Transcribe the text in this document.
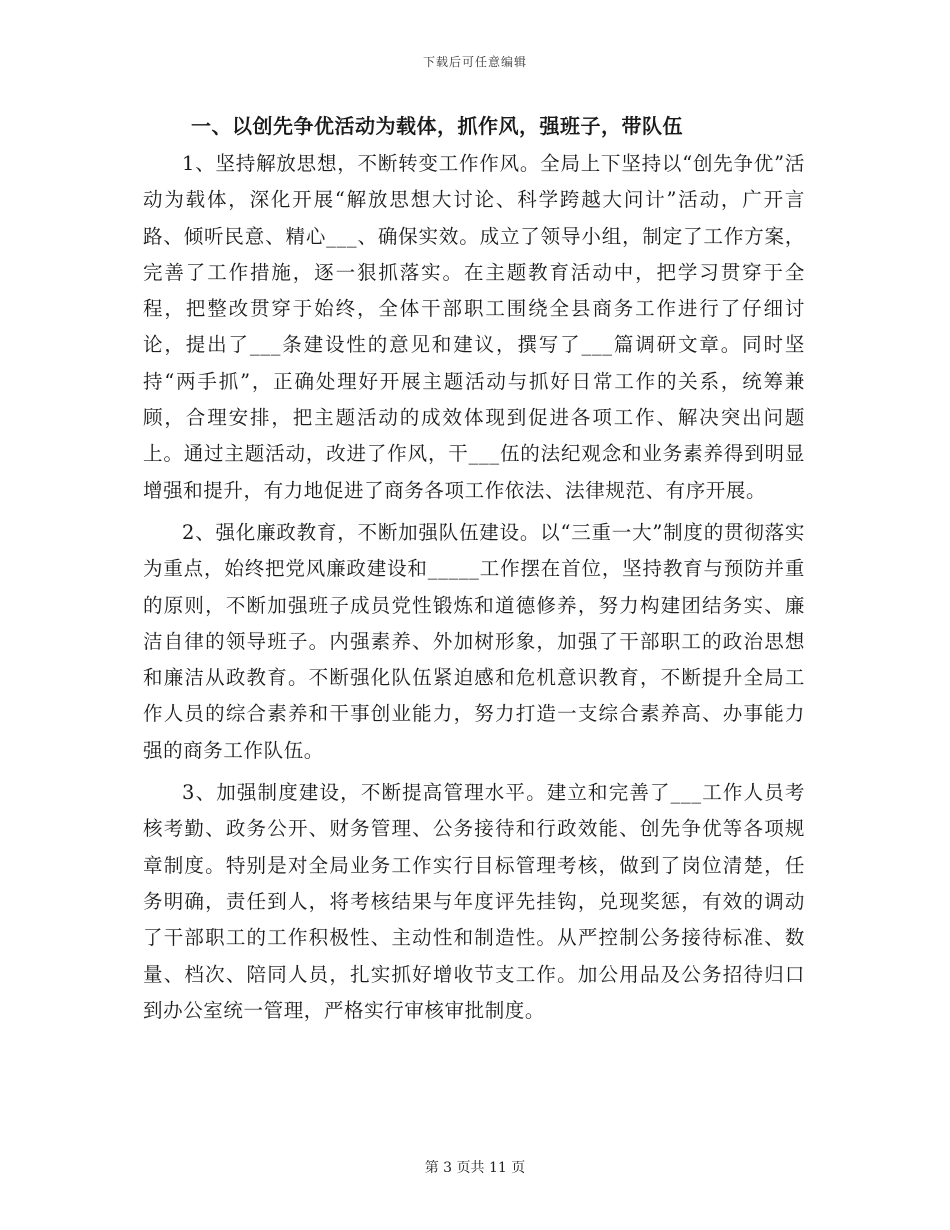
下载后可任意编辑
一、以创先争优活动为载体，抓作风，强班子，带队伍

1、坚持解放思想，不断转变工作作风。全局上下坚持以“创先争优”活动为载体，深化开展“解放思想大讨论、科学跨越大问计”活动，广开言路、倾听民意、精心___、确保实效。成立了领导小组，制定了工作方案，完善了工作措施，逐一狠抓落实。在主题教育活动中，把学习贯穿于全程，把整改贯穿于始终，全体干部职工围绕全县商务工作进行了仔细讨论，提出了___条建设性的意见和建议，撰写了___篇调研文章。同时坚持“两手抓”，正确处理好开展主题活动与抓好日常工作的关系，统筹兼顾，合理安排，把主题活动的成效体现到促进各项工作、解决突出问题上。通过主题活动，改进了作风，干___伍的法纪观念和业务素养得到明显增强和提升，有力地促进了商务各项工作依法、法律规范、有序开展。

2、强化廉政教育，不断加强队伍建设。以“三重一大”制度的贯彻落实为重点，始终把党风廉政建设和_____工作摆在首位，坚持教育与预防并重的原则，不断加强班子成员党性锻炼和道德修养，努力构建团结务实、廉洁自律的领导班子。内强素养、外加树形象，加强了干部职工的政治思想和廉洁从政教育。不断强化队伍紧迫感和危机意识教育，不断提升全局工作人员的综合素养和干事创业能力，努力打造一支综合素养高、办事能力强的商务工作队伍。

3、加强制度建设，不断提高管理水平。建立和完善了___工作人员考核考勤、政务公开、财务管理、公务接待和行政效能、创先争优等各项规章制度。特别是对全局业务工作实行目标管理考核，做到了岗位清楚，任务明确，责任到人，将考核结果与年度评先挂钩，兑现奖惩，有效的调动了干部职工的工作积极性、主动性和制造性。从严控制公务接待标准、数量、档次、陪同人员，扎实抓好增收节支工作。加公用品及公务招待归口到办公室统一管理，严格实行审核审批制度。

第 3 页共 11 页
